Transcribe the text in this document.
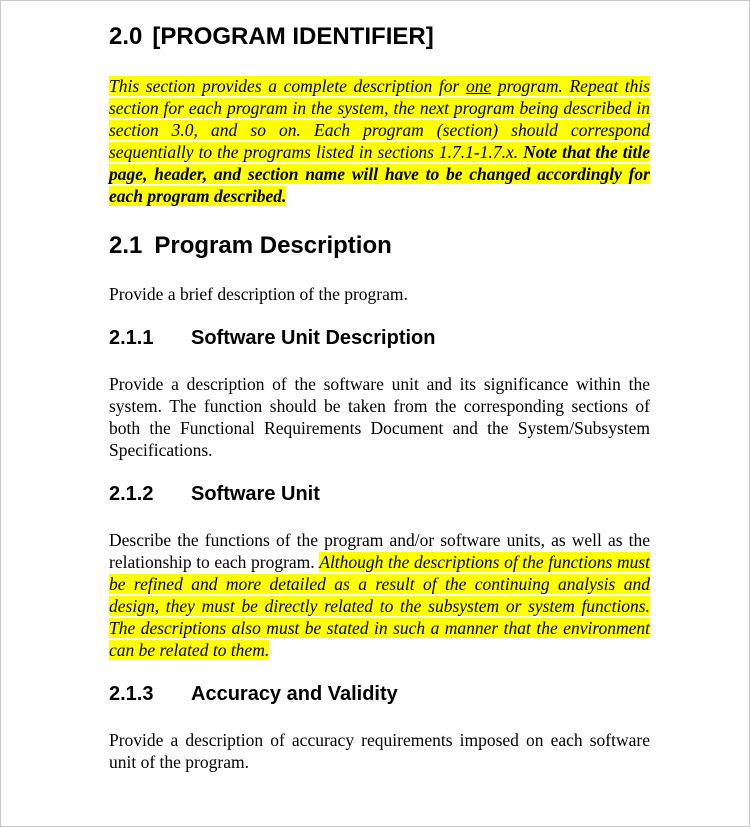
2.0 [PROGRAM IDENTIFIER]

This section provides a complete description for one program. Repeat this section for each program in the system, the next program being described in section 3.0, and so on. Each program (section) should correspond sequentially to the programs listed in sections 1.7.1-1.7.x. Note that the title page, header, and section name will have to be changed accordingly for each program described.

2.1 Program Description

Provide a brief description of the program.

2.1.1 Software Unit Description

Provide a description of the software unit and its significance within the system. The function should be taken from the corresponding sections of both the Functional Requirements Document and the System/Subsystem Specifications.

2.1.2 Software Unit

Describe the functions of the program and/or software units, as well as the relationship to each program. Although the descriptions of the functions must be refined and more detailed as a result of the continuing analysis and design, they must be directly related to the subsystem or system functions. The descriptions also must be stated in such a manner that the environment can be related to them.

2.1.3 Accuracy and Validity

Provide a description of accuracy requirements imposed on each software unit of the program.
